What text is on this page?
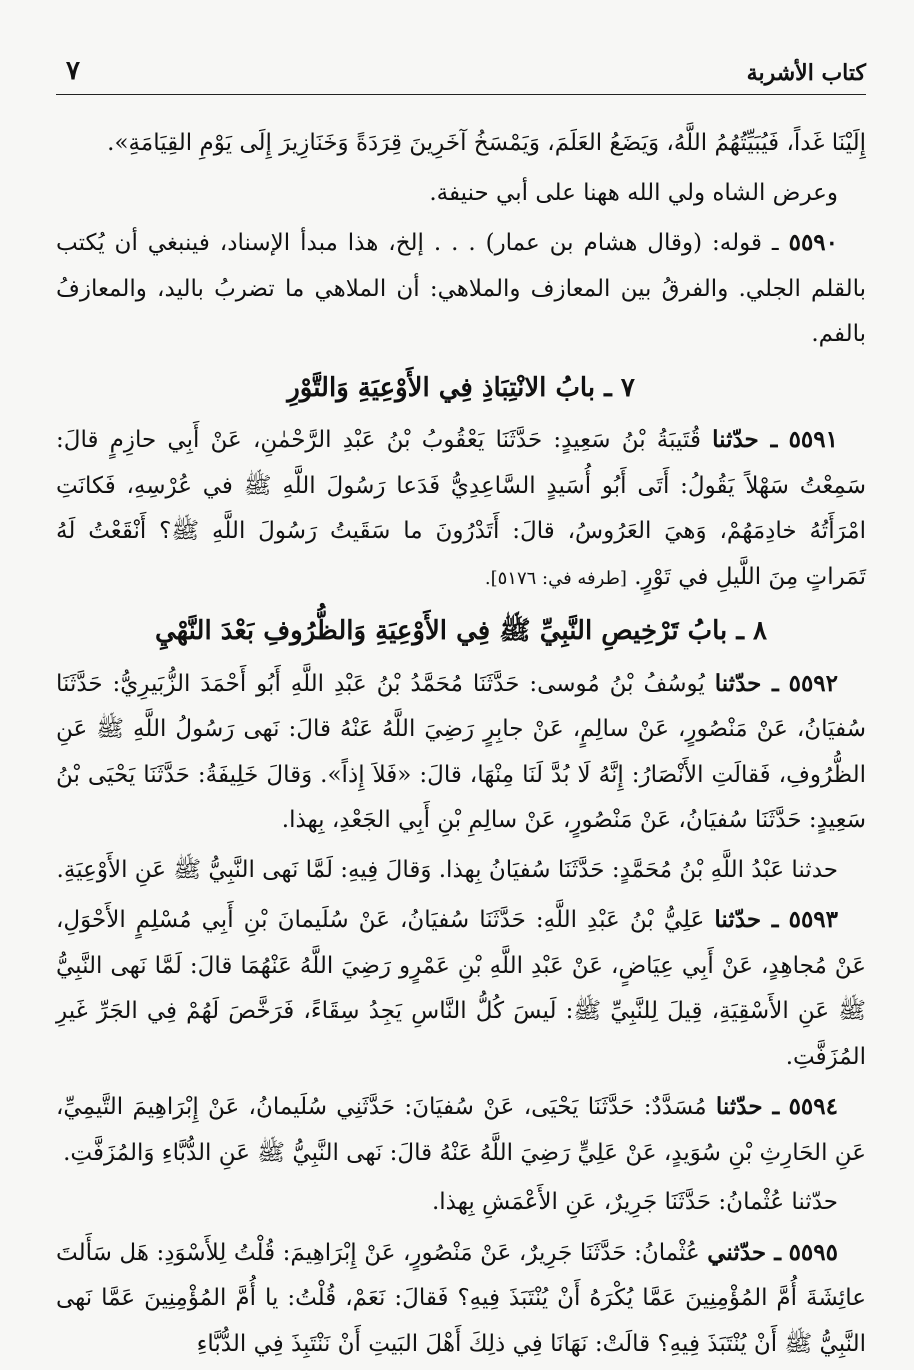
كتاب الأشربة
٧

إِلَيْنَا غَداً، فَيُبَيِّتُهُمُ اللَّهُ، وَيَضَعُ العَلَمَ، وَيَمْسَخُ آخَرِينَ قِرَدَةً وَخَنَازِيرَ إِلَى يَوْمِ القِيَامَةِ».

وعرض الشاه ولي الله ههنا على أبي حنيفة.

٥٥٩٠ ـ قوله: (وقال هشام بن عمار) . . . إلخ، هذا مبدأ الإسناد، فينبغي أن يُكتب بالقلم الجلي. والفرقُ بين المعازف والملاهي: أن الملاهي ما تضربُ باليد، والمعازفُ بالفم.

٧ ـ بابُ الانْتِبَاذِ فِي الأَوْعِيَةِ وَالتَّوْرِ

٥٥٩١ ـ حدّثنا قُتَيبَةُ بْنُ سَعِيدٍ: حَدَّثَنَا يَعْقُوبُ بْنُ عَبْدِ الرَّحْمٰنِ، عَنْ أَبِي حازِمٍ قالَ: سَمِعْتُ سَهْلاً يَقُولُ: أَتَى أَبُو أُسَيدٍ السَّاعِدِيُّ فَدَعا رَسُولَ اللَّهِ ﷺ في عُرْسِهِ، فَكانَتِ امْرَأَتُهُ خادِمَهُمْ، وَهيَ العَرُوسُ، قالَ: أَتَدْرُونَ ما سَقَيتُ رَسُولَ اللَّهِ ﷺ؟ أَنْقَعْتُ لَهُ تَمَراتٍ مِنَ اللَّيلِ في تَوْرٍ. [طرفه في: ٥١٧٦].

٨ ـ بابُ تَرْخِيصِ النَّبِيِّ ﷺ فِي الأَوْعِيَةِ وَالظُّرُوفِ بَعْدَ النَّهْيِ

٥٥٩٢ ـ حدّثنا يُوسُفُ بْنُ مُوسى: حَدَّثَنَا مُحَمَّدُ بْنُ عَبْدِ اللَّهِ أَبُو أَحْمَدَ الزُّبَيرِيُّ: حَدَّثَنَا سُفيَانُ، عَنْ مَنْصُورٍ، عَنْ سالِمٍ، عَنْ جابِرٍ رَضِيَ اللَّهُ عَنْهُ قالَ: نَهى رَسُولُ اللَّهِ ﷺ عَنِ الظُّرُوفِ، فَقالَتِ الأَنْصَارُ: إِنَّهُ لَا بُدَّ لَنَا مِنْهَا، قالَ: «فَلاَ إِذاً». وَقالَ خَلِيفَةُ: حَدَّثَنَا يَحْيَى بْنُ سَعِيدٍ: حَدَّثَنَا سُفيَانُ، عَنْ مَنْصُورٍ، عَنْ سالِمِ بْنِ أَبِي الجَعْدِ، بِهذا.

حدثنا عَبْدُ اللَّهِ بْنُ مُحَمَّدٍ: حَدَّثَنَا سُفيَانُ بِهذا. وَقالَ فِيهِ: لَمَّا نَهى النَّبِيُّ ﷺ عَنِ الأَوْعِيَةِ.

٥٥٩٣ ـ حدّثنا عَلِيُّ بْنُ عَبْدِ اللَّهِ: حَدَّثَنَا سُفيَانُ، عَنْ سُلَيمانَ بْنِ أَبِي مُسْلِمٍ الأَحْوَلِ، عَنْ مُجاهِدٍ، عَنْ أَبِي عِيَاضٍ، عَنْ عَبْدِ اللَّهِ بْنِ عَمْرٍو رَضِيَ اللَّهُ عَنْهُمَا قالَ: لَمَّا نَهى النَّبِيُّ ﷺ عَنِ الأَسْقِيَةِ، قِيلَ لِلنَّبِيِّ ﷺ: لَيسَ كُلُّ النَّاسِ يَجِدُ سِقَاءً، فَرَخَّصَ لَهُمْ فِي الجَرِّ غَيرِ المُزَفَّتِ.

٥٥٩٤ ـ حدّثنا مُسَدَّدٌ: حَدَّثَنَا يَحْيَى، عَنْ سُفيَانَ: حَدَّثَنِي سُلَيمانُ، عَنْ إِبْرَاهِيمَ التَّيمِيِّ، عَنِ الحَارِثِ بْنِ سُوَيدٍ، عَنْ عَلِيٍّ رَضِيَ اللَّهُ عَنْهُ قالَ: نَهى النَّبِيُّ ﷺ عَنِ الدُّبَّاءِ وَالمُزَفَّتِ.

حدّثنا عُثْمانُ: حَدَّثَنَا جَرِيرٌ، عَنِ الأَعْمَشِ بِهذا.

٥٥٩٥ ـ حدّثني عُثْمانُ: حَدَّثَنَا جَرِيرٌ، عَنْ مَنْصُورٍ، عَنْ إِبْرَاهِيمَ: قُلْتُ لِلأَسْوَدِ: هَل سَأَلتَ عائِشَةَ أُمَّ المُؤْمِنِينَ عَمَّا يُكْرَهُ أَنْ يُنْتَبَذَ فِيهِ؟ فَقالَ: نَعَمْ، قُلْتُ: يا أُمَّ المُؤْمِنِينَ عَمَّا نَهى النَّبِيُّ ﷺ أَنْ يُنْتَبَذَ فِيهِ؟ قالَتْ: نَهَانَا فِي ذلِكَ أَهْلَ البَيتِ أَنْ نَنْتَبِذَ فِي الدُّبَّاءِ
